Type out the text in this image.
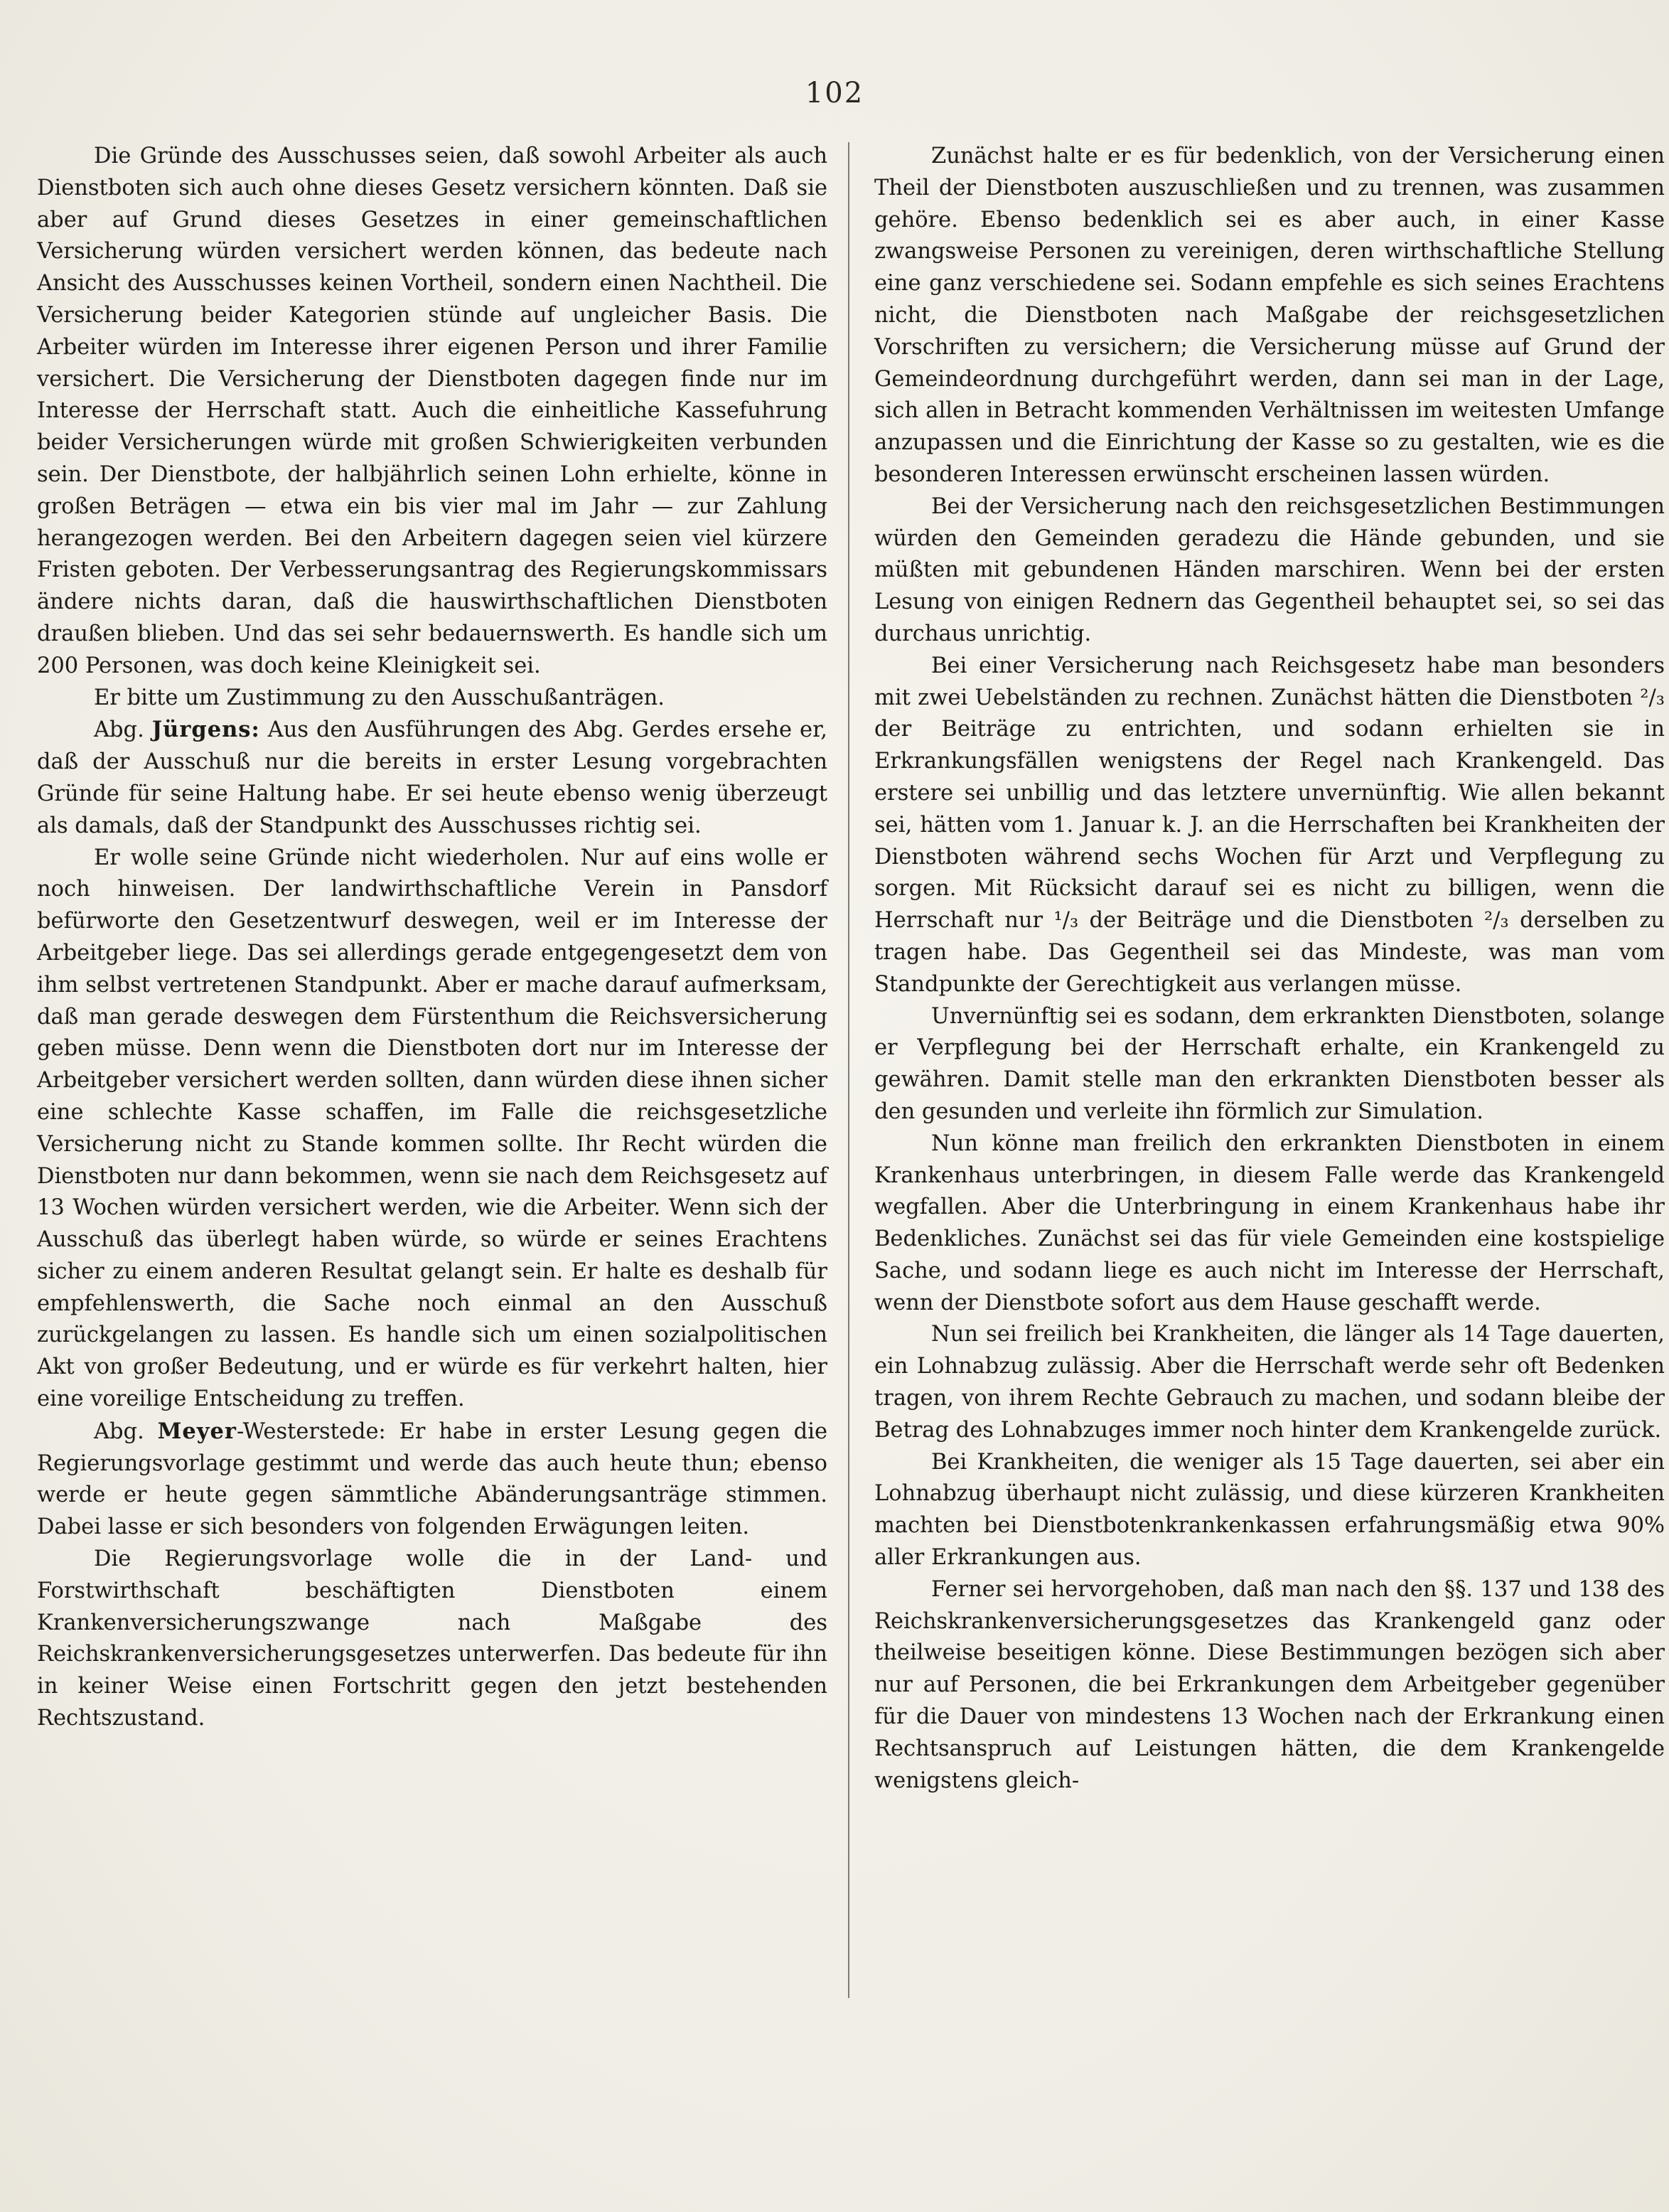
102

Die Gründe des Ausschusses seien, daß sowohl Arbeiter als auch Dienstboten sich auch ohne dieses Gesetz versichern könnten. Daß sie aber auf Grund dieses Gesetzes in einer gemeinschaftlichen Versicherung würden versichert werden können, das bedeute nach Ansicht des Ausschusses keinen Vortheil, sondern einen Nachtheil. Die Versicherung beider Kategorien stünde auf ungleicher Basis. Die Arbeiter würden im Interesse ihrer eigenen Person und ihrer Familie versichert. Die Versicherung der Dienstboten dagegen finde nur im Interesse der Herrschaft statt. Auch die einheitliche Kassefuhrung beider Versicherungen würde mit großen Schwierigkeiten verbunden sein. Der Dienstbote, der halbjährlich seinen Lohn erhielte, könne in großen Beträgen — etwa ein bis vier mal im Jahr — zur Zahlung herangezogen werden. Bei den Arbeitern dagegen seien viel kürzere Fristen geboten. Der Verbesserungsantrag des Regierungskommissars ändere nichts daran, daß die hauswirthschaftlichen Dienstboten draußen blieben. Und das sei sehr bedauernswerth. Es handle sich um 200 Personen, was doch keine Kleinigkeit sei.

Er bitte um Zustimmung zu den Ausschußanträgen.

Abg. Jürgens: Aus den Ausführungen des Abg. Gerdes ersehe er, daß der Ausschuß nur die bereits in erster Lesung vorgebrachten Gründe für seine Haltung habe. Er sei heute ebenso wenig überzeugt als damals, daß der Standpunkt des Ausschusses richtig sei.

Er wolle seine Gründe nicht wiederholen. Nur auf eins wolle er noch hinweisen. Der landwirthschaftliche Verein in Pansdorf befürworte den Gesetzentwurf deswegen, weil er im Interesse der Arbeitgeber liege. Das sei allerdings gerade entgegengesetzt dem von ihm selbst vertretenen Standpunkt. Aber er mache darauf aufmerksam, daß man gerade deswegen dem Fürstenthum die Reichsversicherung geben müsse. Denn wenn die Dienstboten dort nur im Interesse der Arbeitgeber versichert werden sollten, dann würden diese ihnen sicher eine schlechte Kasse schaffen, im Falle die reichsgesetzliche Versicherung nicht zu Stande kommen sollte. Ihr Recht würden die Dienstboten nur dann bekommen, wenn sie nach dem Reichsgesetz auf 13 Wochen würden versichert werden, wie die Arbeiter. Wenn sich der Ausschuß das überlegt haben würde, so würde er seines Erachtens sicher zu einem anderen Resultat gelangt sein. Er halte es deshalb für empfehlenswerth, die Sache noch einmal an den Ausschuß zurückgelangen zu lassen. Es handle sich um einen sozialpolitischen Akt von großer Bedeutung, und er würde es für verkehrt halten, hier eine voreilige Entscheidung zu treffen.

Abg. Meyer-Westerstede: Er habe in erster Lesung gegen die Regierungsvorlage gestimmt und werde das auch heute thun; ebenso werde er heute gegen sämmtliche Abänderungsanträge stimmen. Dabei lasse er sich besonders von folgenden Erwägungen leiten.

Die Regierungsvorlage wolle die in der Land- und Forstwirthschaft beschäftigten Dienstboten einem Krankenversicherungszwange nach Maßgabe des Reichskrankenversicherungsgesetzes unterwerfen. Das bedeute für ihn in keiner Weise einen Fortschritt gegen den jetzt bestehenden Rechtszustand.

Zunächst halte er es für bedenklich, von der Versicherung einen Theil der Dienstboten auszuschließen und zu trennen, was zusammen gehöre. Ebenso bedenklich sei es aber auch, in einer Kasse zwangsweise Personen zu vereinigen, deren wirthschaftliche Stellung eine ganz verschiedene sei. Sodann empfehle es sich seines Erachtens nicht, die Dienstboten nach Maßgabe der reichsgesetzlichen Vorschriften zu versichern; die Versicherung müsse auf Grund der Gemeindeordnung durchgeführt werden, dann sei man in der Lage, sich allen in Betracht kommenden Verhältnissen im weitesten Umfange anzupassen und die Einrichtung der Kasse so zu gestalten, wie es die besonderen Interessen erwünscht erscheinen lassen würden.

Bei der Versicherung nach den reichsgesetzlichen Bestimmungen würden den Gemeinden geradezu die Hände gebunden, und sie müßten mit gebundenen Händen marschiren. Wenn bei der ersten Lesung von einigen Rednern das Gegentheil behauptet sei, so sei das durchaus unrichtig.

Bei einer Versicherung nach Reichsgesetz habe man besonders mit zwei Uebelständen zu rechnen. Zunächst hätten die Dienstboten ²/₃ der Beiträge zu entrichten, und sodann erhielten sie in Erkrankungsfällen wenigstens der Regel nach Krankengeld. Das erstere sei unbillig und das letztere unvernünftig. Wie allen bekannt sei, hätten vom 1. Januar k. J. an die Herrschaften bei Krankheiten der Dienstboten während sechs Wochen für Arzt und Verpflegung zu sorgen. Mit Rücksicht darauf sei es nicht zu billigen, wenn die Herrschaft nur ¹/₃ der Beiträge und die Dienstboten ²/₃ derselben zu tragen habe. Das Gegentheil sei das Mindeste, was man vom Standpunkte der Gerechtigkeit aus verlangen müsse.

Unvernünftig sei es sodann, dem erkrankten Dienstboten, solange er Verpflegung bei der Herrschaft erhalte, ein Krankengeld zu gewähren. Damit stelle man den erkrankten Dienstboten besser als den gesunden und verleite ihn förmlich zur Simulation.

Nun könne man freilich den erkrankten Dienstboten in einem Krankenhaus unterbringen, in diesem Falle werde das Krankengeld wegfallen. Aber die Unterbringung in einem Krankenhaus habe ihr Bedenkliches. Zunächst sei das für viele Gemeinden eine kostspielige Sache, und sodann liege es auch nicht im Interesse der Herrschaft, wenn der Dienstbote sofort aus dem Hause geschafft werde.

Nun sei freilich bei Krankheiten, die länger als 14 Tage dauerten, ein Lohnabzug zulässig. Aber die Herrschaft werde sehr oft Bedenken tragen, von ihrem Rechte Gebrauch zu machen, und sodann bleibe der Betrag des Lohnabzuges immer noch hinter dem Krankengelde zurück.

Bei Krankheiten, die weniger als 15 Tage dauerten, sei aber ein Lohnabzug überhaupt nicht zulässig, und diese kürzeren Krankheiten machten bei Dienstbotenkrankenkassen erfahrungsmäßig etwa 90% aller Erkrankungen aus.

Ferner sei hervorgehoben, daß man nach den §§. 137 und 138 des Reichskrankenversicherungsgesetzes das Krankengeld ganz oder theilweise beseitigen könne. Diese Bestimmungen bezögen sich aber nur auf Personen, die bei Erkrankungen dem Arbeitgeber gegenüber für die Dauer von mindestens 13 Wochen nach der Erkrankung einen Rechtsanspruch auf Leistungen hätten, die dem Krankengelde wenigstens gleich-
